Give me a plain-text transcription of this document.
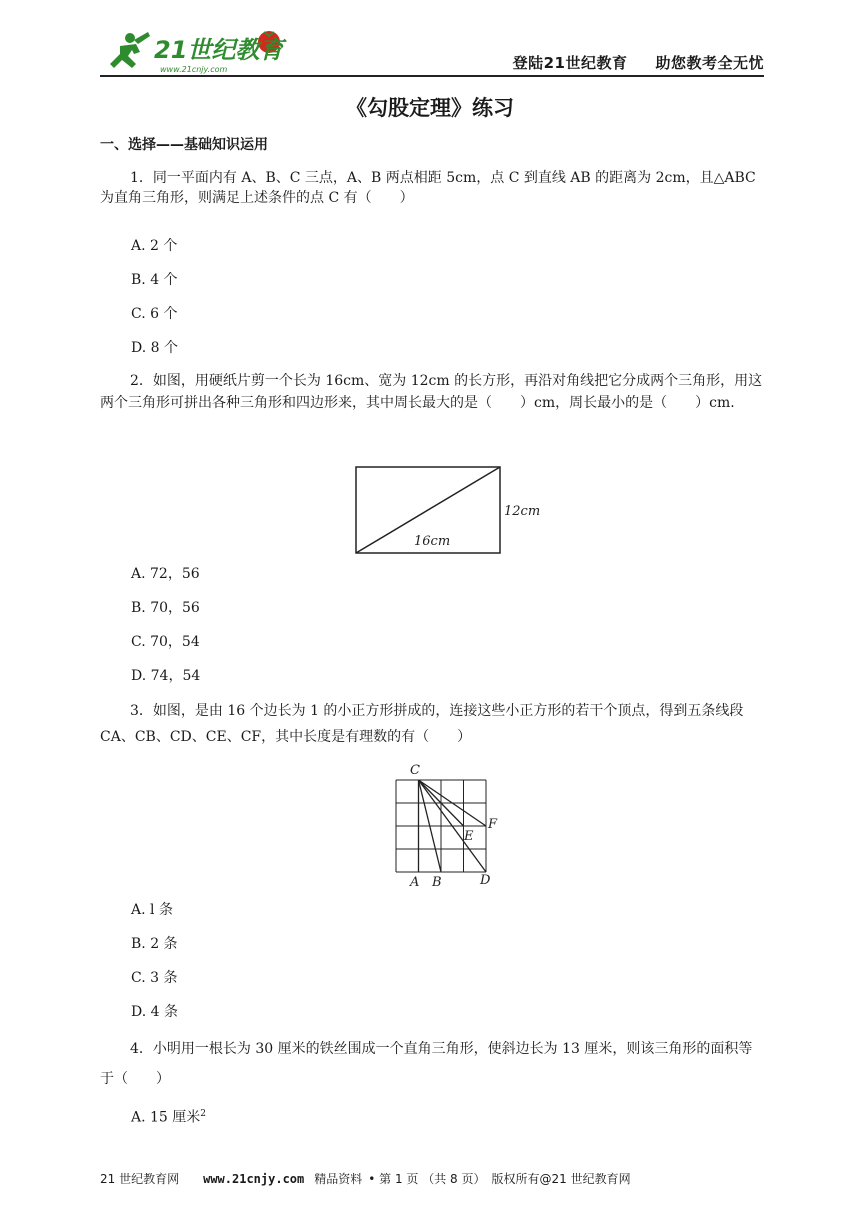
21世纪教育
www.21cnjy.com	登陆21世纪教育 助您教考全无忧
《勾股定理》练习
一、选择——基础知识运用
1．同一平面内有 A、B、C 三点，A、B 两点相距 5cm，点 C 到直线 AB 的距离为 2cm，且△ABC 为直角三角形，则满足上述条件的点 C 有（　　）
A. 2 个
B. 4 个
C. 6 个
D. 8 个
2．如图，用硬纸片剪一个长为 16cm、宽为 12cm 的长方形，再沿对角线把它分成两个三角形，用这两个三角形可拼出各种三角形和四边形来，其中周长最大的是（　　）cm，周长最小的是（　　）cm.
12cm
16cm
A. 72，56
B. 70，56
C. 70，54
D. 74，54
3．如图，是由 16 个边长为 1 的小正方形拼成的，连接这些小正方形的若干个顶点，得到五条线段 CA、CB、CD、CE、CF，其中长度是有理数的有（　　）
C
A B	D
E
F
A. l 条
B. 2 条
C. 3 条
D. 4 条
4．小明用一根长为 30 厘米的铁丝围成一个直角三角形，使斜边长为 13 厘米，则该三角形的面积等于（　　）
A. 15 厘米$^2$
21 世纪教育网 www.21cnjy.com 精品资料 • 第 1 页 （共 8 页） 版权所有@21 世纪教育网
